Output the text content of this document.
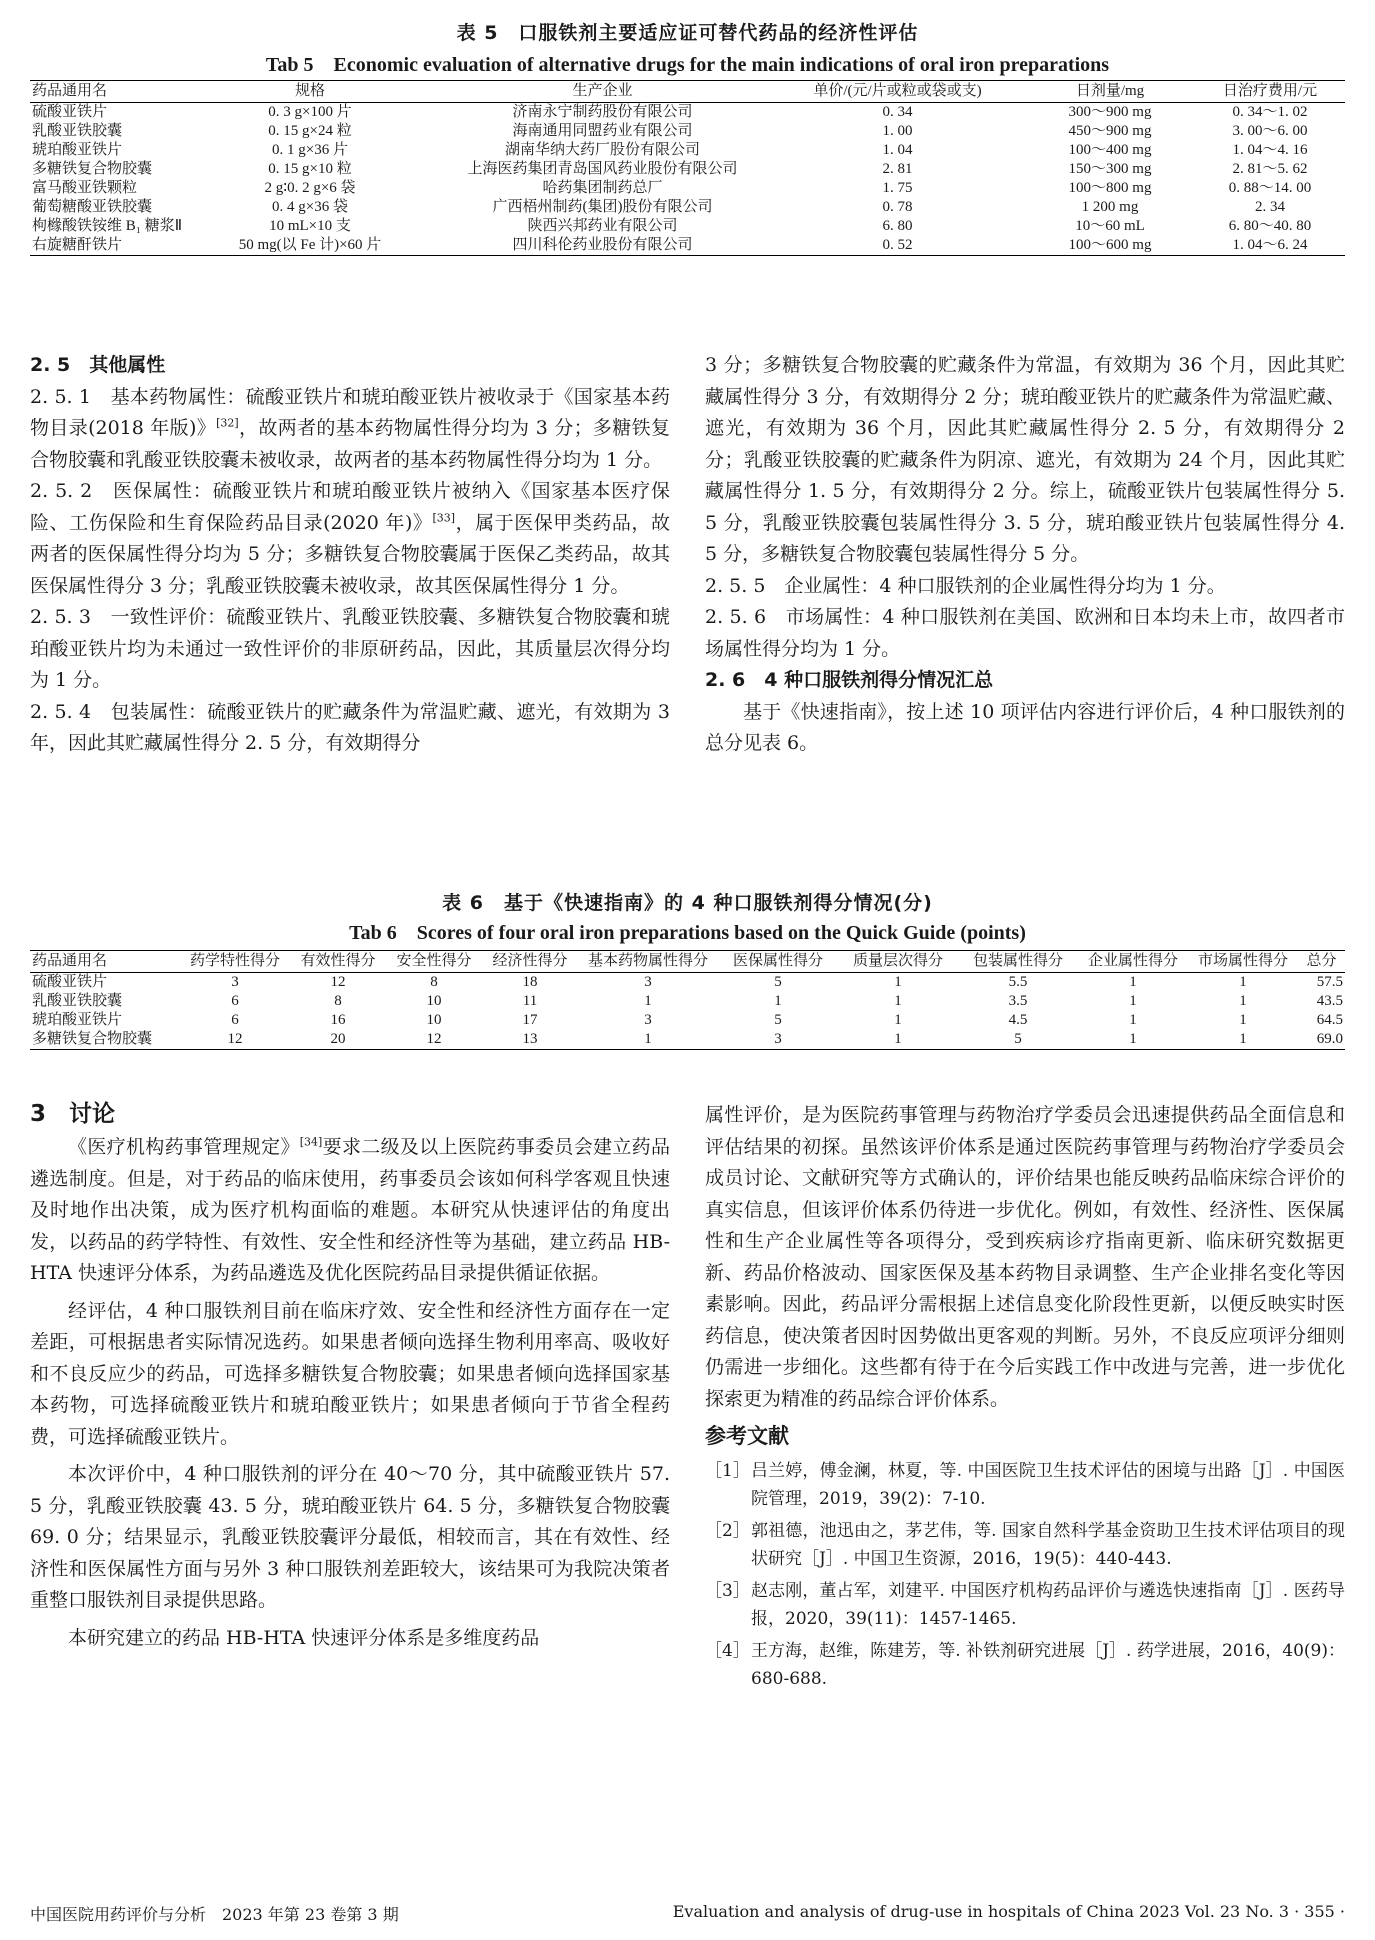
表 5　口服铁剂主要适应证可替代药品的经济性评估
Tab 5　Economic evaluation of alternative drugs for the main indications of oral iron preparations
药品通用名	规格	生产企业	单价/(元/片或粒或袋或支)	日剂量/mg	日治疗费用/元
硫酸亚铁片	0. 3 g×100 片	济南永宁制药股份有限公司	0. 34	300～900 mg	0. 34～1. 02
乳酸亚铁胶囊	0. 15 g×24 粒	海南通用同盟药业有限公司	1. 00	450～900 mg	3. 00～6. 00
琥珀酸亚铁片	0. 1 g×36 片	湖南华纳大药厂股份有限公司	1. 04	100～400 mg	1. 04～4. 16
多糖铁复合物胶囊	0. 15 g×10 粒	上海医药集团青岛国风药业股份有限公司	2. 81	150～300 mg	2. 81～5. 62
富马酸亚铁颗粒	2 g∶0. 2 g×6 袋	哈药集团制药总厂	1. 75	100～800 mg	0. 88～14. 00
葡萄糖酸亚铁胶囊	0. 4 g×36 袋	广西梧州制药(集团)股份有限公司	0. 78	1 200 mg	2. 34
枸橼酸铁铵维 B₁ 糖浆Ⅱ	10 mL×10 支	陕西兴邦药业有限公司	6. 80	10～60 mL	6. 80～40. 80
右旋糖酐铁片	50 mg(以 Fe 计)×60 片	四川科伦药业股份有限公司	0. 52	100～600 mg	1. 04～6. 24

2. 5　其他属性

2. 5. 1　基本药物属性：硫酸亚铁片和琥珀酸亚铁片被收录于《国家基本药物目录(2018 年版)》[32]，故两者的基本药物属性得分均为 3 分；多糖铁复合物胶囊和乳酸亚铁胶囊未被收录，故两者的基本药物属性得分均为 1 分。

2. 5. 2　医保属性：硫酸亚铁片和琥珀酸亚铁片被纳入《国家基本医疗保险、工伤保险和生育保险药品目录(2020 年)》[33]，属于医保甲类药品，故两者的医保属性得分均为 5 分；多糖铁复合物胶囊属于医保乙类药品，故其医保属性得分 3 分；乳酸亚铁胶囊未被收录，故其医保属性得分 1 分。

2. 5. 3　一致性评价：硫酸亚铁片、乳酸亚铁胶囊、多糖铁复合物胶囊和琥珀酸亚铁片均为未通过一致性评价的非原研药品，因此，其质量层次得分均为 1 分。

2. 5. 4　包装属性：硫酸亚铁片的贮藏条件为常温贮藏、遮光，有效期为 3 年，因此其贮藏属性得分 2. 5 分，有效期得分

3 分；多糖铁复合物胶囊的贮藏条件为常温，有效期为 36 个月，因此其贮藏属性得分 3 分，有效期得分 2 分；琥珀酸亚铁片的贮藏条件为常温贮藏、遮光，有效期为 36 个月，因此其贮藏属性得分 2. 5 分，有效期得分 2 分；乳酸亚铁胶囊的贮藏条件为阴凉、遮光，有效期为 24 个月，因此其贮藏属性得分 1. 5 分，有效期得分 2 分。综上，硫酸亚铁片包装属性得分 5. 5 分，乳酸亚铁胶囊包装属性得分 3. 5 分，琥珀酸亚铁片包装属性得分 4. 5 分，多糖铁复合物胶囊包装属性得分 5 分。

2. 5. 5　企业属性：4 种口服铁剂的企业属性得分均为 1 分。

2. 5. 6　市场属性：4 种口服铁剂在美国、欧洲和日本均未上市，故四者市场属性得分均为 1 分。

2. 6　4 种口服铁剂得分情况汇总

基于《快速指南》，按上述 10 项评估内容进行评价后，4 种口服铁剂的总分见表 6。

表 6　基于《快速指南》的 4 种口服铁剂得分情况(分)
Tab 6　Scores of four oral iron preparations based on the Quick Guide (points)
药品通用名	药学特性得分	有效性得分	安全性得分	经济性得分	基本药物属性得分	医保属性得分	质量层次得分	包装属性得分	企业属性得分	市场属性得分	总分
硫酸亚铁片	3	12	8	18	3	5	1	5.5	1	1	57.5
乳酸亚铁胶囊	6	8	10	11	1	1	1	3.5	1	1	43.5
琥珀酸亚铁片	6	16	10	17	3	5	1	4.5	1	1	64.5
多糖铁复合物胶囊	12	20	12	13	1	3	1	5	1	1	69.0

3　讨论

《医疗机构药事管理规定》[34]要求二级及以上医院药事委员会建立药品遴选制度。但是，对于药品的临床使用，药事委员会该如何科学客观且快速及时地作出决策，成为医疗机构面临的难题。本研究从快速评估的角度出发，以药品的药学特性、有效性、安全性和经济性等为基础，建立药品 HB-HTA 快速评分体系，为药品遴选及优化医院药品目录提供循证依据。

经评估，4 种口服铁剂目前在临床疗效、安全性和经济性方面存在一定差距，可根据患者实际情况选药。如果患者倾向选择生物利用率高、吸收好和不良反应少的药品，可选择多糖铁复合物胶囊；如果患者倾向选择国家基本药物，可选择硫酸亚铁片和琥珀酸亚铁片；如果患者倾向于节省全程药费，可选择硫酸亚铁片。

本次评价中，4 种口服铁剂的评分在 40～70 分，其中硫酸亚铁片 57. 5 分，乳酸亚铁胶囊 43. 5 分，琥珀酸亚铁片 64. 5 分，多糖铁复合物胶囊 69. 0 分；结果显示，乳酸亚铁胶囊评分最低，相较而言，其在有效性、经济性和医保属性方面与另外 3 种口服铁剂差距较大，该结果可为我院决策者重整口服铁剂目录提供思路。

本研究建立的药品 HB-HTA 快速评分体系是多维度药品

属性评价，是为医院药事管理与药物治疗学委员会迅速提供药品全面信息和评估结果的初探。虽然该评价体系是通过医院药事管理与药物治疗学委员会成员讨论、文献研究等方式确认的，评价结果也能反映药品临床综合评价的真实信息，但该评价体系仍待进一步优化。例如，有效性、经济性、医保属性和生产企业属性等各项得分，受到疾病诊疗指南更新、临床研究数据更新、药品价格波动、国家医保及基本药物目录调整、生产企业排名变化等因素影响。因此，药品评分需根据上述信息变化阶段性更新，以便反映实时医药信息，使决策者因时因势做出更客观的判断。另外，不良反应项评分细则仍需进一步细化。这些都有待于在今后实践工作中改进与完善，进一步优化探索更为精准的药品综合评价体系。

参考文献

［1］ 吕兰婷，傅金澜，林夏，等. 中国医院卫生技术评估的困境与出路［J］. 中国医院管理，2019，39(2)：7-10.
［2］ 郭祖德，池迅由之，茅艺伟，等. 国家自然科学基金资助卫生技术评估项目的现状研究［J］. 中国卫生资源，2016，19(5)：440-443.
［3］ 赵志刚，董占军，刘建平. 中国医疗机构药品评价与遴选快速指南［J］. 医药导报，2020，39(11)：1457-1465.
［4］ 王方海，赵维，陈建芳，等. 补铁剂研究进展［J］. 药学进展，2016，40(9)：680-688.
中国医院用药评价与分析　2023 年第 23 卷第 3 期	Evaluation and analysis of drug-use in hospitals of China 2023 Vol. 23 No. 3 · 355 ·
